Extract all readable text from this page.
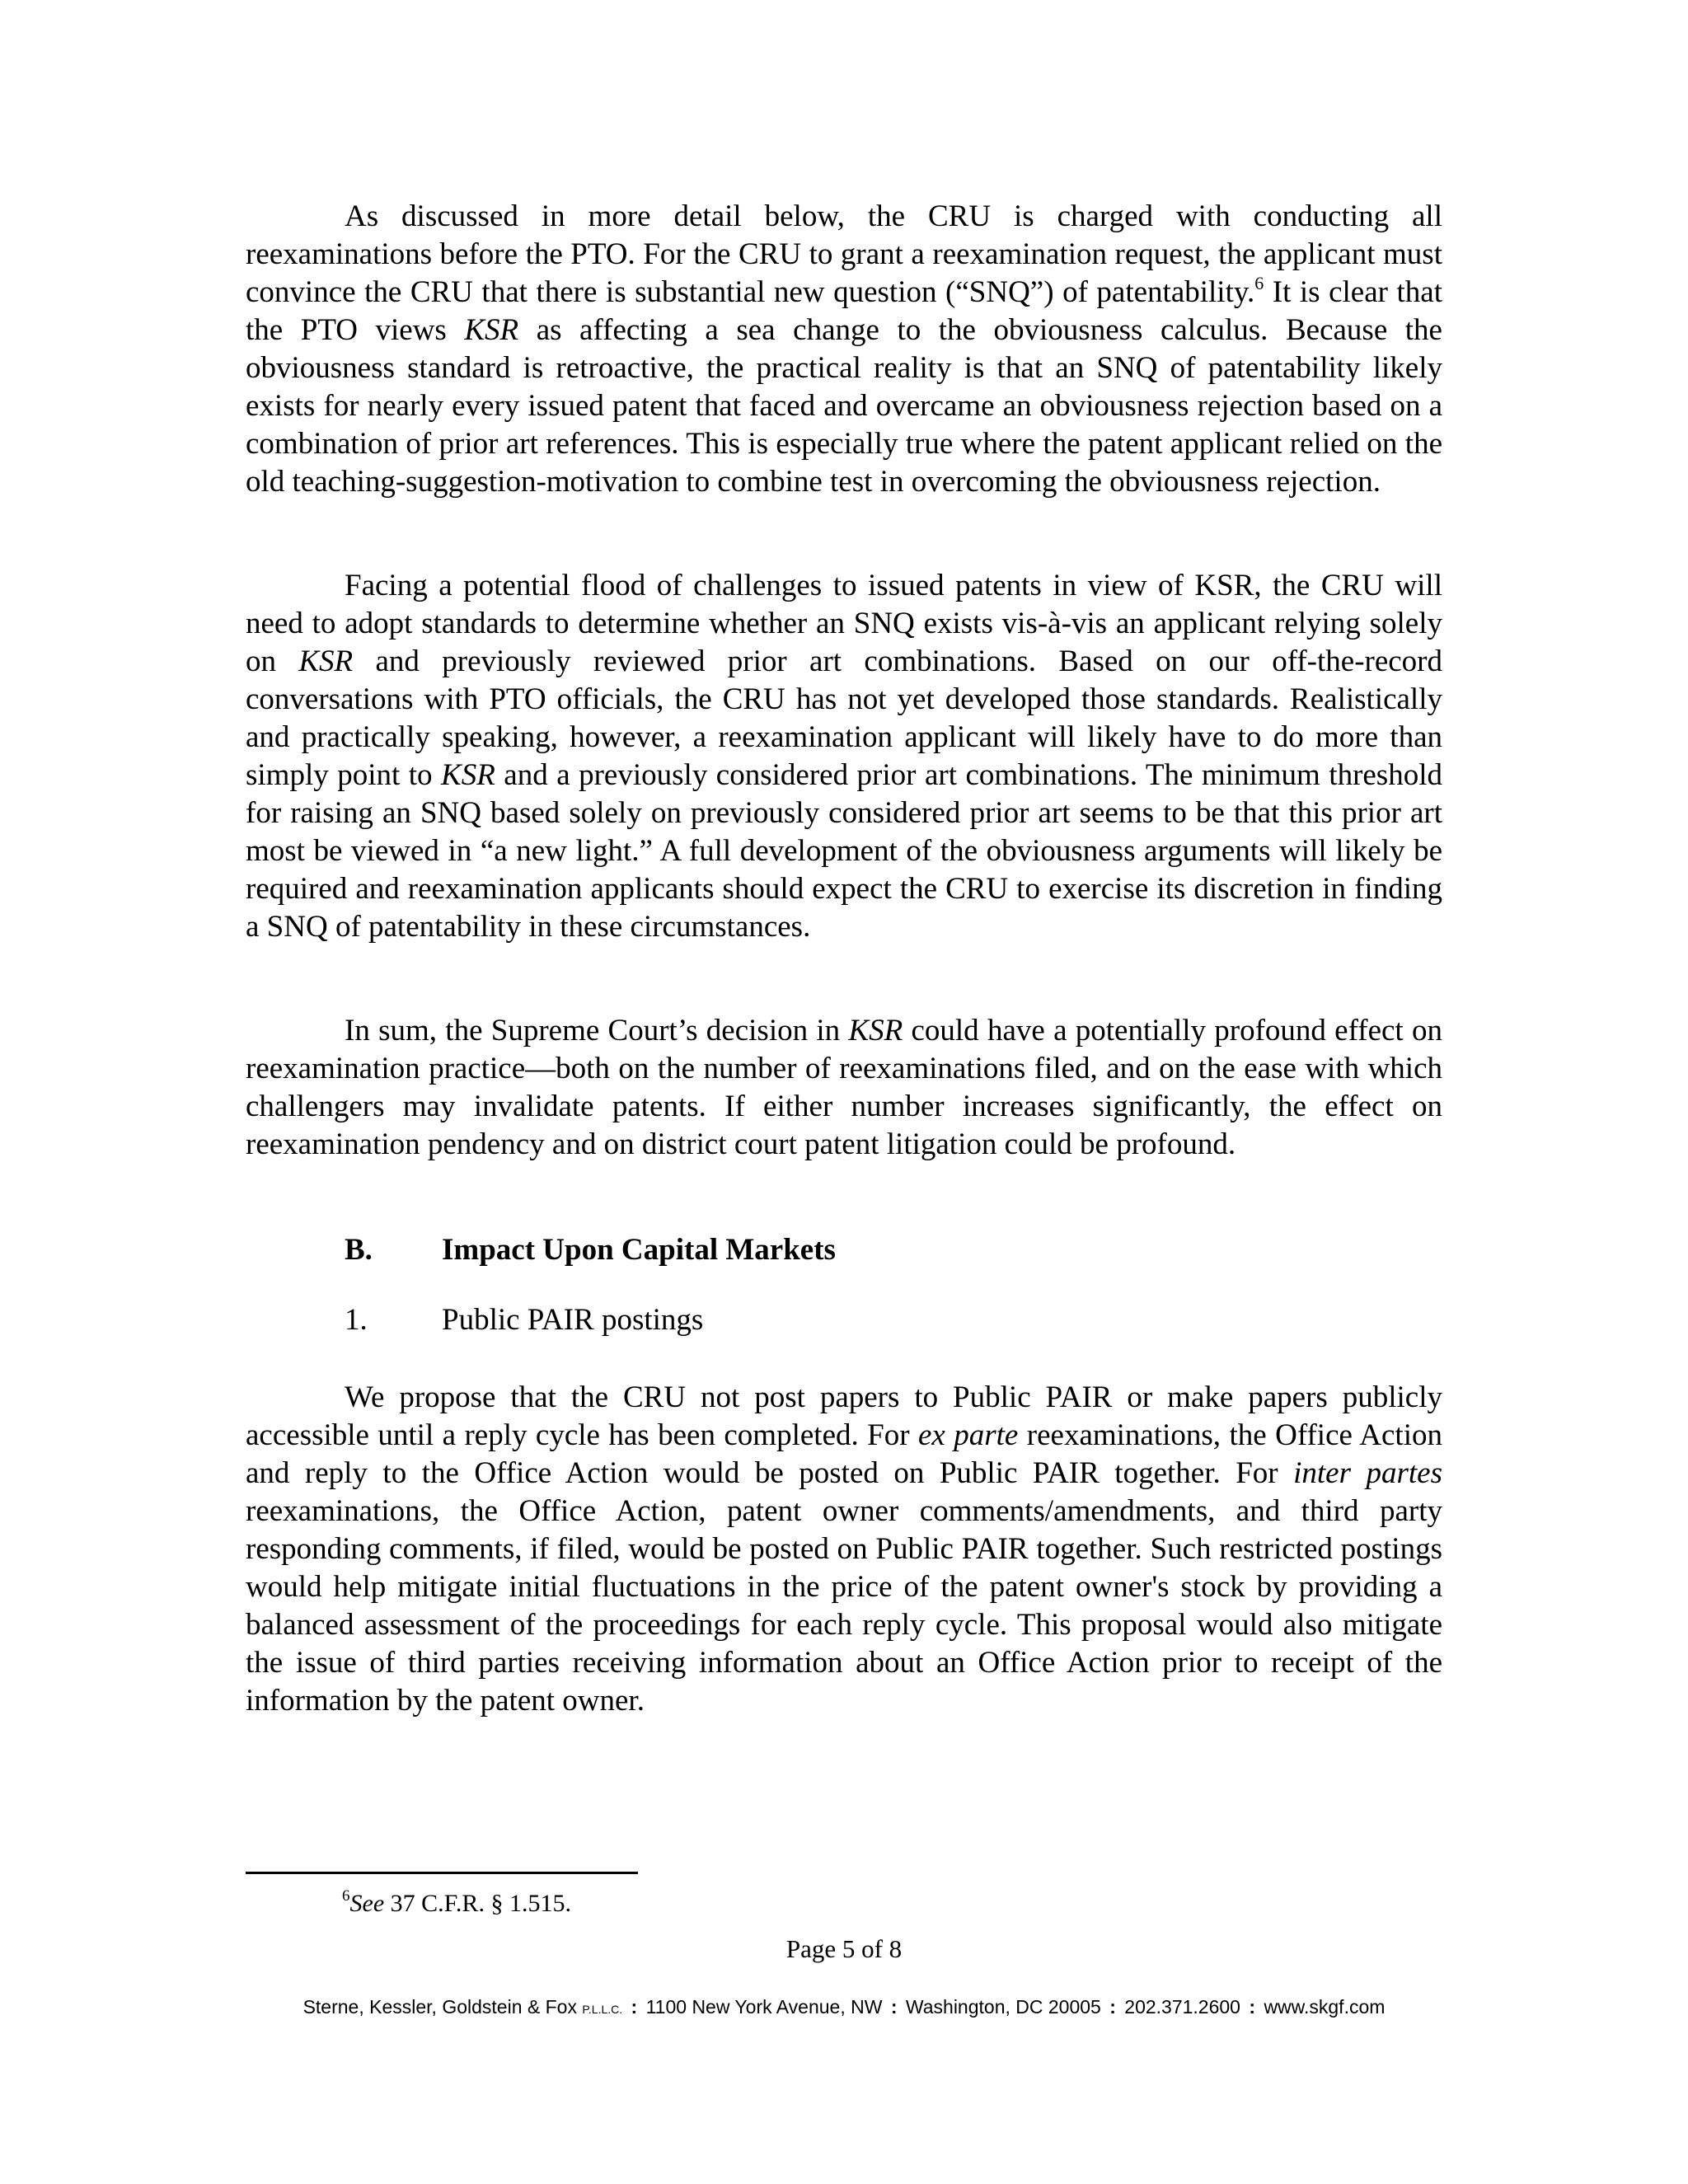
As discussed in more detail below, the CRU is charged with conducting all reexaminations before the PTO. For the CRU to grant a reexamination request, the applicant must convince the CRU that there is substantial new question (“SNQ”) of patentability.$^6$ It is clear that the PTO views KSR as affecting a sea change to the obviousness calculus. Because the obviousness standard is retroactive, the practical reality is that an SNQ of patentability likely exists for nearly every issued patent that faced and overcame an obviousness rejection based on a combination of prior art references. This is especially true where the patent applicant relied on the old teaching-suggestion-motivation to combine test in overcoming the obviousness rejection.

Facing a potential flood of challenges to issued patents in view of KSR, the CRU will need to adopt standards to determine whether an SNQ exists vis-à-vis an applicant relying solely on KSR and previously reviewed prior art combinations. Based on our off-the-record conversations with PTO officials, the CRU has not yet developed those standards. Realistically and practically speaking, however, a reexamination applicant will likely have to do more than simply point to KSR and a previously considered prior art combinations. The minimum threshold for raising an SNQ based solely on previously considered prior art seems to be that this prior art most be viewed in “a new light.” A full development of the obviousness arguments will likely be required and reexamination applicants should expect the CRU to exercise its discretion in finding a SNQ of patentability in these circumstances.

In sum, the Supreme Court’s decision in KSR could have a potentially profound effect on reexamination practice—both on the number of reexaminations filed, and on the ease with which challengers may invalidate patents. If either number increases significantly, the effect on reexamination pendency and on district court patent litigation could be profound.

B. Impact Upon Capital Markets
1. Public PAIR postings

We propose that the CRU not post papers to Public PAIR or make papers publicly accessible until a reply cycle has been completed. For ex parte reexaminations, the Office Action and reply to the Office Action would be posted on Public PAIR together. For inter partes reexaminations, the Office Action, patent owner comments/amendments, and third party responding comments, if filed, would be posted on Public PAIR together. Such restricted postings would help mitigate initial fluctuations in the price of the patent owner's stock by providing a balanced assessment of the proceedings for each reply cycle. This proposal would also mitigate the issue of third parties receiving information about an Office Action prior to receipt of the information by the patent owner.

$^6$See 37 C.F.R. § 1.515.
Page 5 of 8
Sterne, Kessler, Goldstein & Fox P.L.L.C. : 1100 New York Avenue, NW : Washington, DC 20005 : 202.371.2600 : www.skgf.com
